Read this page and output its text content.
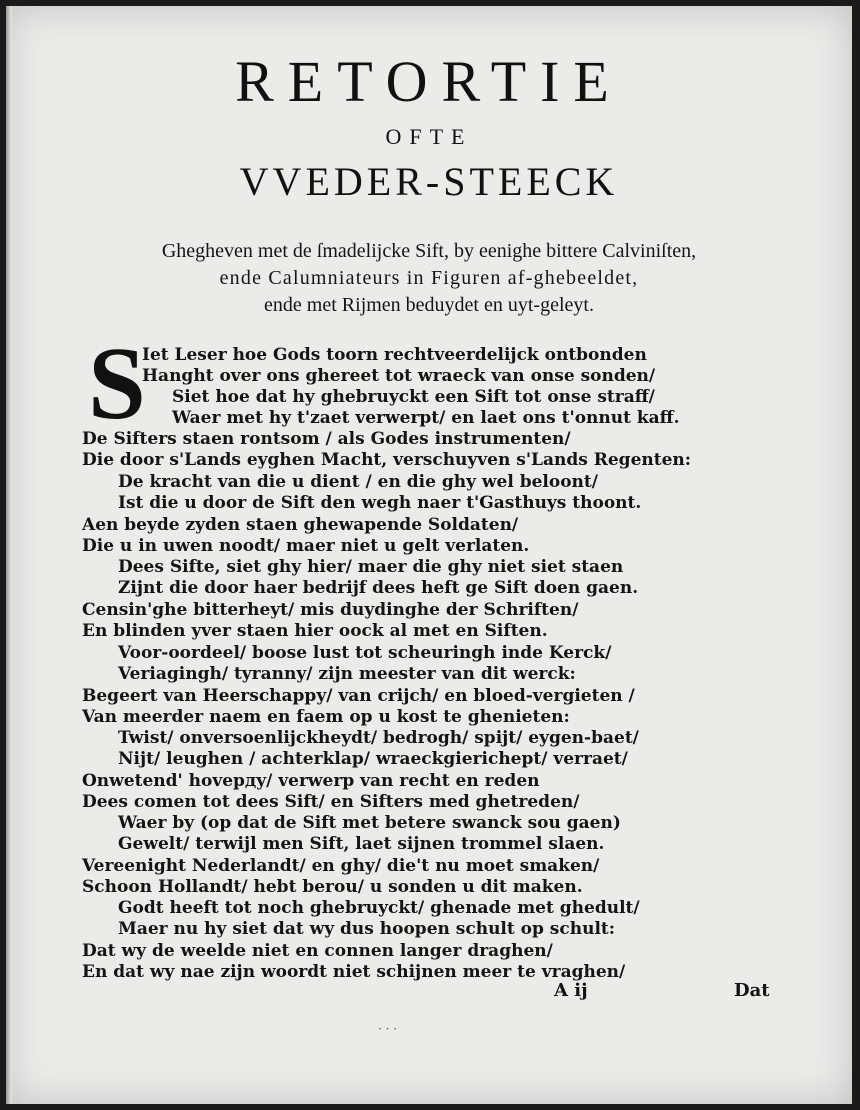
RETORTIE
OFTE
VVEDER-STEECK
Ghegheven met de ſmadelijcke Sift, by eenighe bittere Calviniſten,
ende Calumniateurs in Figuren af-ghebeeldet,
ende met Rijmen beduydet en uyt-geleyt.
S
Iet Leser hoe Gods toorn rechtveerdelijck ontbonden
Hanght over ons ghereet tot wraeck van onse sonden/
Siet hoe dat hy ghebruyckt een Sift tot onse straff/
Waer met hy t'zaet verwerpt/ en laet ons t'onnut kaff.
De Sifters staen rontsom / als Godes instrumenten/
Die door s'Lands eyghen Macht, verschuyven s'Lands Regenten:
De kracht van die u dient / en die ghy wel beloont/
Ist die u door de Sift den wegh naer t'Gasthuys thoont.
Aen beyde zyden staen ghewapende Soldaten/
Die u in uwen noodt/ maer niet u gelt verlaten.
Dees Sifte, siet ghy hier/ maer die ghy niet siet staen
Zijnt die door haer bedrijf dees heft ge Sift doen gaen.
Censin'ghe bitterheyt/ mis duydinghe der Schriften/
En blinden yver staen hier oock al met en Siften.
Voor-oordeel/ boose lust tot scheuringh inde Kerck/
Veriagingh/ tyranny/ zijn meester van dit werck:
Begeert van Heerschappy/ van crijch/ en bloed-vergieten /
Van meerder naem en faem op u kost te ghenieten:
Twist/ onversoenlijckheydt/ bedrogh/ spijt/ eygen-baet/
Nijt/ leughen / achterklap/ wraeckgierichept/ verraet/
Onwetend' hovердy/ verwerp van recht en reden
Dees comen tot dees Sift/ en Sifters med ghetreden/
Waer by (op dat de Sift met betere swanck sou gaen)
Gewelt/ terwijl men Sift, laet sijnen trommel slaen.
Vereenight Nederlandt/ en ghy/ die't nu moet smaken/
Schoon Hollandt/ hebt berou/ u sonden u dit maken.
Godt heeft tot noch ghebruyckt/ ghenade met ghedult/
Maer nu hy siet dat wy dus hoopen schult op schult:
Dat wy de weelde niet en connen langer draghen/
En dat wy nae zijn woordt niet schijnen meer te vraghen/
A ij	Dat
· · ·
